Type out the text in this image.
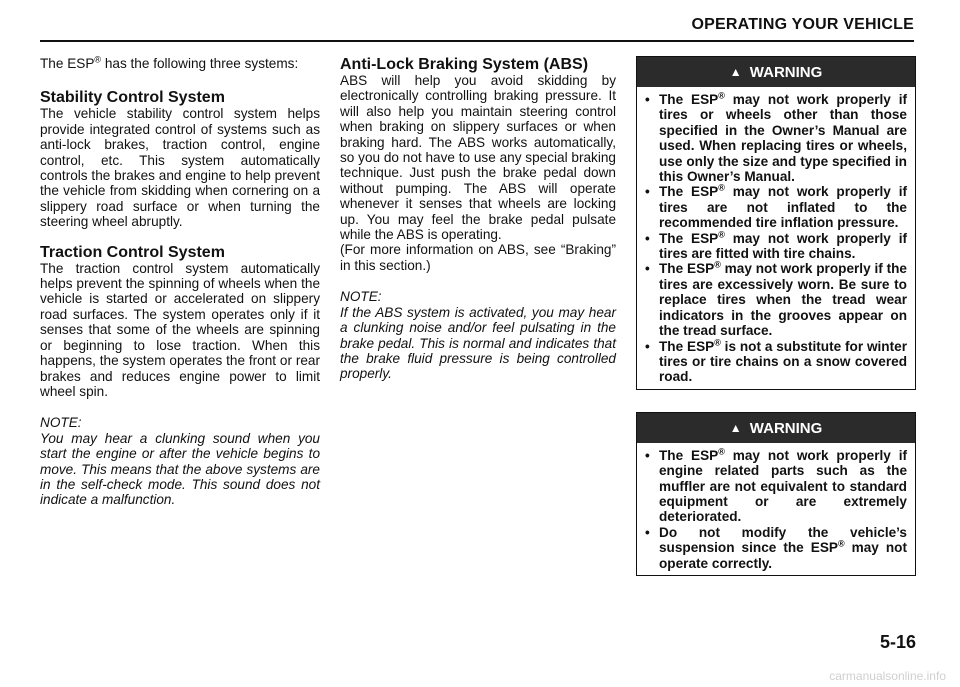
OPERATING YOUR VEHICLE

The ESP® has the following three systems:

Stability Control System

The vehicle stability control system helps provide integrated control of systems such as anti-lock brakes, traction control, engine control, etc. This system automatically controls the brakes and engine to help prevent the vehicle from skidding when cornering on a slippery road surface or when turning the steering wheel abruptly.

Traction Control System

The traction control system automatically helps prevent the spinning of wheels when the vehicle is started or accelerated on slippery road surfaces. The system operates only if it senses that some of the wheels are spinning or beginning to lose traction. When this happens, the system operates the front or rear brakes and reduces engine power to limit wheel spin.

NOTE:

You may hear a clunking sound when you start the engine or after the vehicle begins to move. This means that the above systems are in the self-check mode. This sound does not indicate a malfunction.

Anti-Lock Braking System (ABS)

ABS will help you avoid skidding by electronically controlling braking pressure. It will also help you maintain steering control when braking on slippery surfaces or when braking hard. The ABS works automatically, so you do not have to use any special braking technique. Just push the brake pedal down without pumping. The ABS will operate whenever it senses that wheels are locking up. You may feel the brake pedal pulsate while the ABS is operating.

(For more information on ABS, see “Braking” in this section.)

NOTE:

If the ABS system is activated, you may hear a clunking noise and/or feel pulsating in the brake pedal. This is normal and indicates that the brake fluid pressure is being controlled properly.

▲ WARNING
• The ESP® may not work properly if tires or wheels other than those specified in the Owner’s Manual are used. When replacing tires or wheels, use only the size and type specified in this Owner’s Manual.
• The ESP® may not work properly if tires are not inflated to the recommended tire inflation pressure.
• The ESP® may not work properly if tires are fitted with tire chains.
• The ESP® may not work properly if the tires are excessively worn. Be sure to replace tires when the tread wear indicators in the grooves appear on the tread surface.
• The ESP® is not a substitute for winter tires or tire chains on a snow covered road.
▲ WARNING
• The ESP® may not work properly if engine related parts such as the muffler are not equivalent to standard equipment or are extremely deteriorated.
• Do not modify the vehicle’s suspension since the ESP® may not operate correctly.
5-16
carmanualsonline.info
